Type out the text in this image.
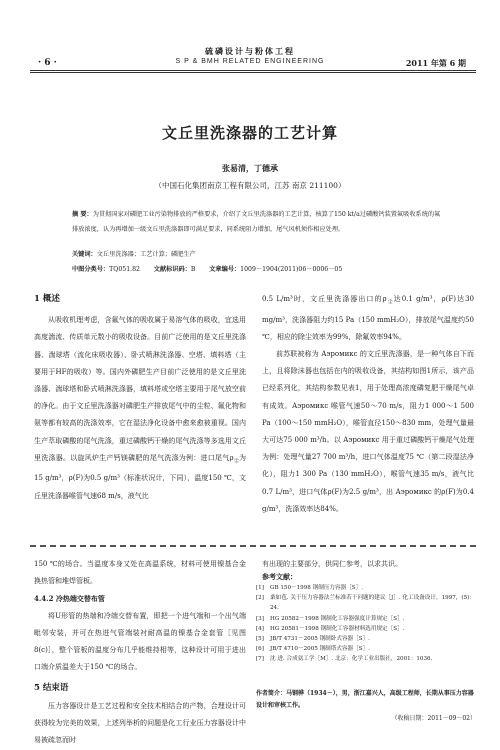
硫磷设计与粉体工程
· 6 ·	S P & BMH RELATED ENGINEERING	2011 年第 6 期
文丘里洗涤器的工艺计算
张易清，丁德承
（中国石化集团南京工程有限公司，江苏 南京 211100）
摘 要：为贯彻国家对磷肥工业污染物排放的严格要求，介绍了文丘里洗涤器的工艺计算，核算了150 kt/a过磷酸钙装置氟吸收系统的氟排放浓度，认为再增加一级文丘里洗涤器即可满足要求，同系统阻力增加，尾气风机须作相应处理。
关键词：文丘里洗涤器；工艺计算；磷肥生产
中图分类号：TQ051.82 文献标识码：B 文章编号：1009－1904(2011)06－0006－05
1 概述
从吸收机理考虑，含氟气体的吸收属于易溶气体的吸收，宜选用高度湍流、传质单元数小的吸收设备。目前广泛使用的是文丘里洗涤器、湍球塔（流化床吸收器）、卧式喷淋洗涤器、空塔、填料塔（主要用于HF的吸收）等。国内外磷肥生产目前广泛使用的是文丘里洗涤器、湍球塔和卧式喷淋洗涤器，填料塔或空塔主要用于尾气放空前的净化。由于文丘里洗涤器对磷肥生产排放尾气中的尘粒、氟化物和氨等都有较高的洗涤效率，它在湿法净化设备中愈来愈被重视。国内生产萃取磷酸的尾气洗涤，重过磷酸钙干燥的尾气洗涤等多选用文丘里洗涤器。以旋风炉生产钙镁磷肥的尾气洗涤为例：进口尾气$\rho_尘$为15 g/m³，ρ(F)为0.5 g/m³（标准状况计，下同），温度150 ℃，文丘里洗涤器喉管气速68 m/s，液气比
0.5 L/m³时，文丘里洗涤器出口的$\rho_尘$达0.1 g/m³，ρ(F)达30 mg/m³，洗涤器阻力约15 Pa（150 mmH₂O），排放尾气温度约50 ℃，相应的除尘效率为99%，除氟效率94%。
前苏联被称为 Аэромикс 的文丘里洗涤器，是一种气体自下而上，且将除沫器也包括在内的吸收设备，其结构如图1所示，该产品已经系列化，其结构参数见表1，用于处理高浓度磷复肥干燥尾气卓有成效。Аэромикс 喉管气速50～70 m/s，阻力1 000～1 500 Pa（100～150 mmH₂O），喉管直径150～830 mm，处理气量最大可达75 000 m³/h。以 Аэромикс 用于重过磷酸钙干燥尾气处理为例：处理气量27 700 m³/h，进口气体温度75 ℃（第二段湿法净化），阻力1 300 Pa（130 mmH₂O），喉管气速35 m/s，液气比0.7 L/m³，进口气体ρ(F)为2.5 g/m³，出 Аэромикс 的ρ(F)为0.4 g/m³，洗涤效率达84%。
150 ℃的场合。当温度本身又处在高温系统，材料可使用镍基合金换热管和堆焊管板。
4.4.2 冷热端交替布管
将U形管的热端和冷端交替布置，即把一个进气端和一个出气端毗邻安装，并可在热进气管端装衬耐高温的镍基合金套管［见图8(c)］，整个管板的温度分布几乎能维持相等，这种设计可用于进出口端介质温差大于150 ℃的场合。
5 结束语
压力容器设计是工艺过程和安全技术相结合的产物，合理设计可获得较为完美的效果，上述列举析的问题是化工行业压力容器设计中易被疏忽而时
有出现的主要部分，供同仁参考，以求共识。
参考文献：
[1]	GB 150－1998 钢制压力容器［S］.
[2]	桑如苞. 关于压力容器法兰标准若干问题的建议［J］. 化工设备设计，1997，(5)：24.
[3]	HG 20582－1998 钢制化工容器强度计算规定［S］.
[4]	HG 20581－1998 钢制化工容器材料选用规定［S］.
[5]	JB/T 4731－2005 钢制卧式容器［S］.
[6]	JB/T 4710－2005 钢制塔式容器［S］.
[7]	沈 进. 合成氨工学［M］. 北京：化学工业出版社，2001：1036.
作者简介：马钢骅（1934－），男，浙江嘉兴人，高级工程师，长期从事压力容器设计和审核工作。
（收稿日期：2011－09－02）
